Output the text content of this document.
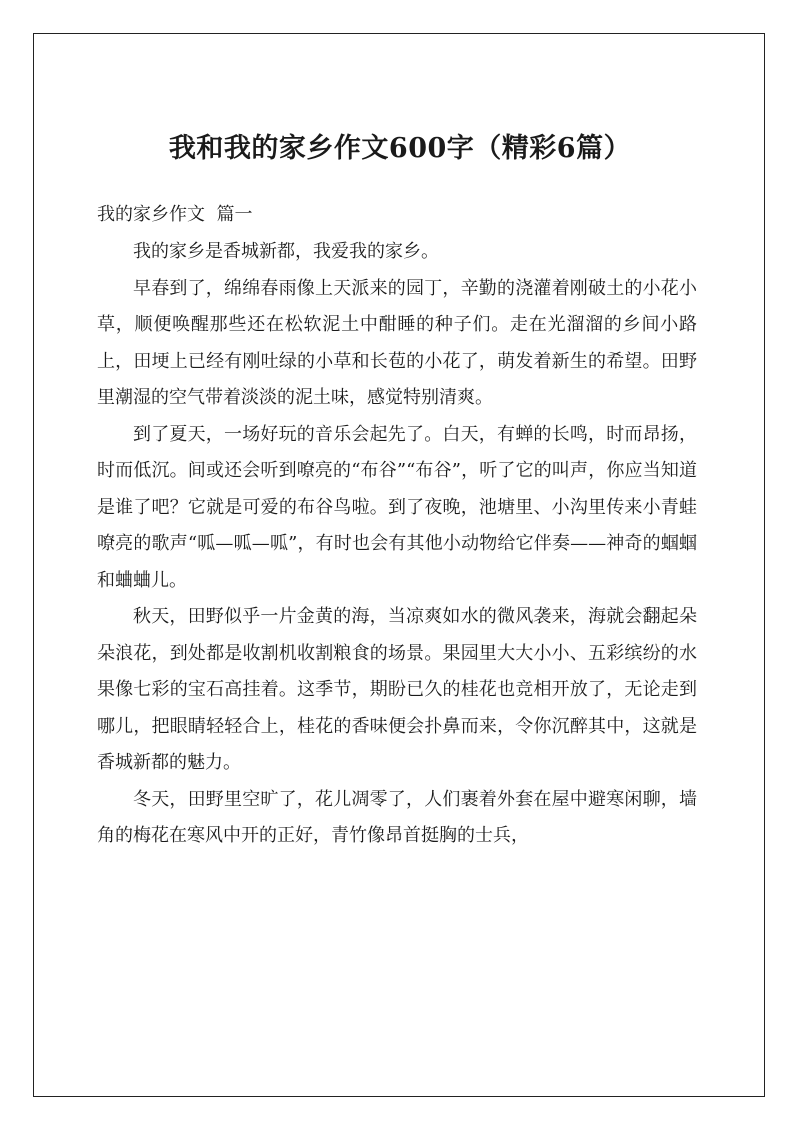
我和我的家乡作文600字（精彩6篇）
我的家乡作文  篇一

我的家乡是香城新都，我爱我的家乡。

早春到了，绵绵春雨像上天派来的园丁，辛勤的浇灌着刚破土的小花小草，顺便唤醒那些还在松软泥土中酣睡的种子们。走在光溜溜的乡间小路上，田埂上已经有刚吐绿的小草和长苞的小花了，萌发着新生的希望。田野里潮湿的空气带着淡淡的泥土味，感觉特别清爽。

到了夏天，一场好玩的音乐会起先了。白天，有蝉的长鸣，时而昂扬，时而低沉。间或还会听到嘹亮的“布谷”“布谷”，听了它的叫声，你应当知道是谁了吧？它就是可爱的布谷鸟啦。到了夜晚，池塘里、小沟里传来小青蛙嘹亮的歌声“呱—呱—呱”，有时也会有其他小动物给它伴奏——神奇的蝈蝈和蛐蛐儿。

秋天，田野似乎一片金黄的海，当凉爽如水的微风袭来，海就会翻起朵朵浪花，到处都是收割机收割粮食的场景。果园里大大小小、五彩缤纷的水果像七彩的宝石高挂着。这季节，期盼已久的桂花也竞相开放了，无论走到哪儿，把眼睛轻轻合上，桂花的香味便会扑鼻而来，令你沉醉其中，这就是香城新都的魅力。

冬天，田野里空旷了，花儿凋零了，人们裹着外套在屋中避寒闲聊，墙角的梅花在寒风中开的正好，青竹像昂首挺胸的士兵，
